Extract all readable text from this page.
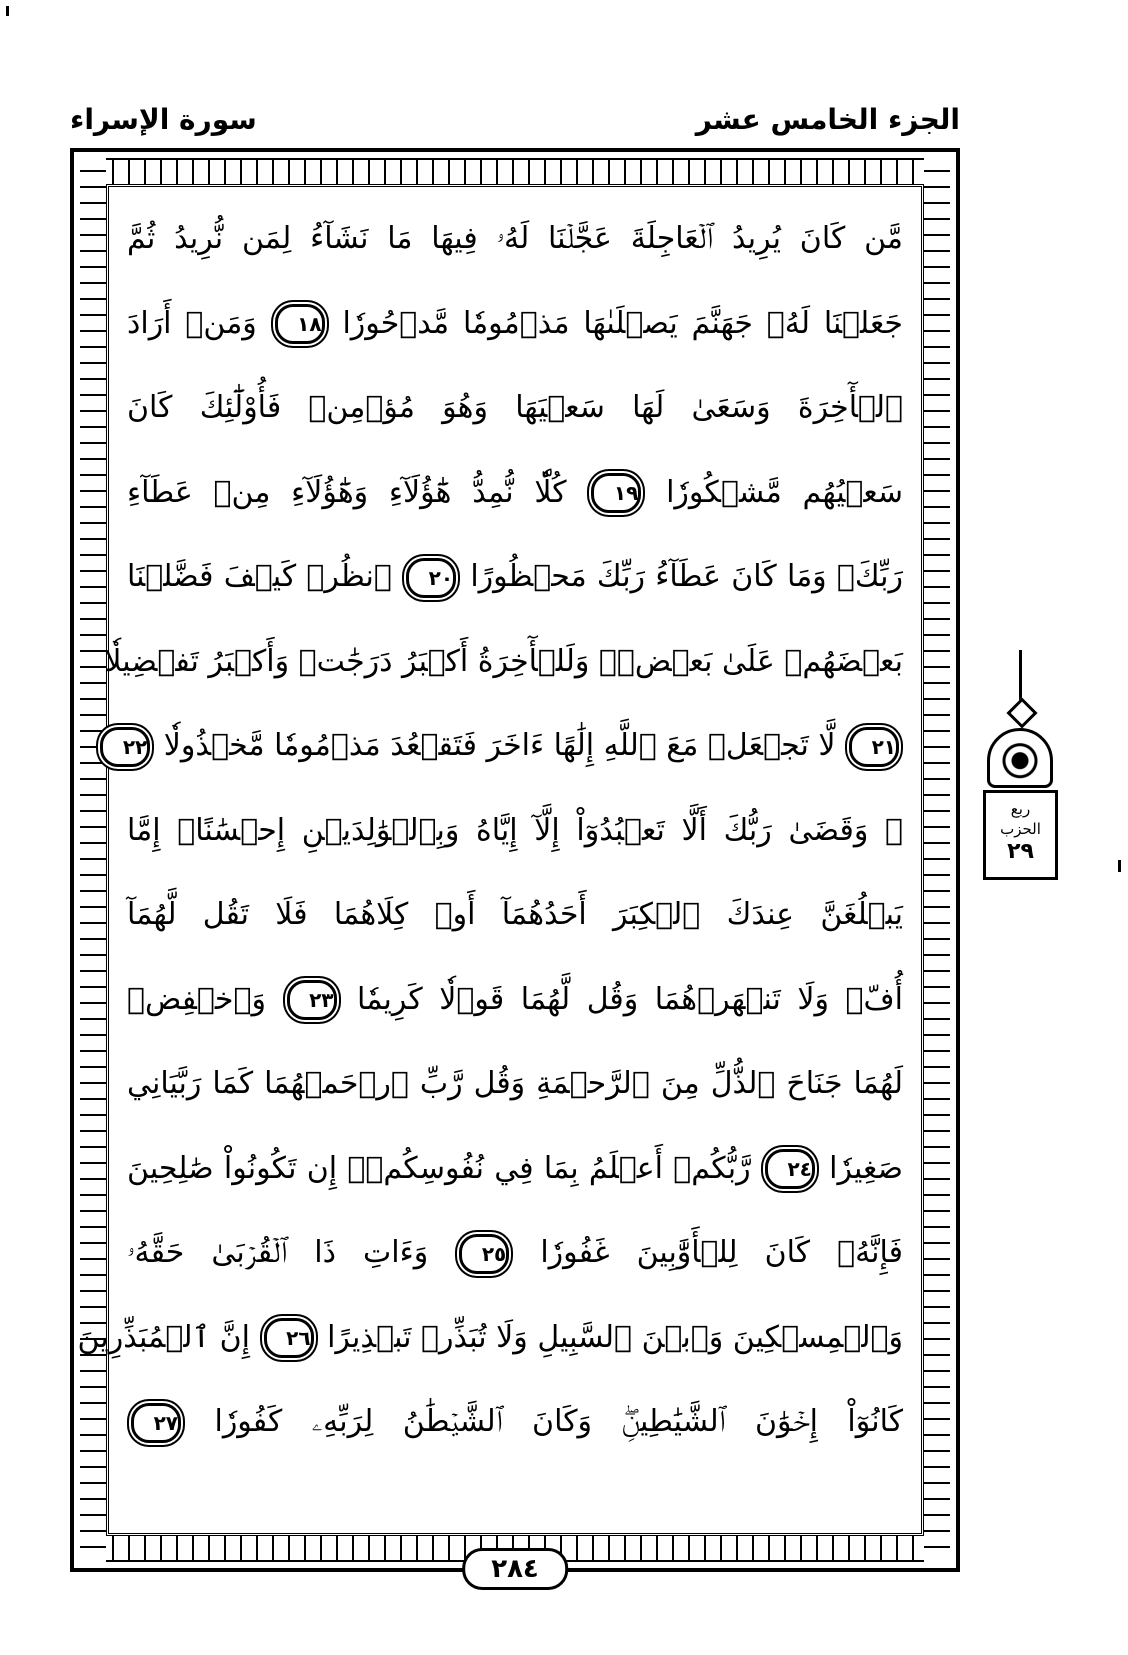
الجزء الخامس عشر
سورة الإسراء
مَّن كَانَ يُرِيدُ ٱلۡعَاجِلَةَ عَجَّلۡنَا لَهُۥ فِيهَا مَا نَشَآءُ لِمَن نُّرِيدُ ثُمَّ
جَعَلۡنَا لَهُۥ جَهَنَّمَ يَصۡلَىٰهَا مَذۡمُومٗا مَّدۡحُورٗا ١٨ وَمَنۡ أَرَادَ
ٱلۡأٓخِرَةَ وَسَعَىٰ لَهَا سَعۡيَهَا وَهُوَ مُؤۡمِنٞ فَأُوْلَٰٓئِكَ كَانَ
سَعۡيُهُم مَّشۡكُورٗا ١٩ كُلّٗا نُّمِدُّ هَٰٓؤُلَآءِ وَهَٰٓؤُلَآءِ مِنۡ عَطَآءِ
رَبِّكَۚ وَمَا كَانَ عَطَآءُ رَبِّكَ مَحۡظُورًا ٢٠ ٱنظُرۡ كَيۡفَ فَضَّلۡنَا
بَعۡضَهُمۡ عَلَىٰ بَعۡضٖۚ وَلَلۡأٓخِرَةُ أَكۡبَرُ دَرَجَٰتٖ وَأَكۡبَرُ تَفۡضِيلٗا
٢١ لَّا تَجۡعَلۡ مَعَ ٱللَّهِ إِلَٰهًا ءَاخَرَ فَتَقۡعُدَ مَذۡمُومٗا مَّخۡذُولٗا ٢٢
۞ وَقَضَىٰ رَبُّكَ أَلَّا تَعۡبُدُوٓاْ إِلَّآ إِيَّاهُ وَبِٱلۡوَٰلِدَيۡنِ إِحۡسَٰنًاۚ إِمَّا
يَبۡلُغَنَّ عِندَكَ ٱلۡكِبَرَ أَحَدُهُمَآ أَوۡ كِلَاهُمَا فَلَا تَقُل لَّهُمَآ
أُفّٖ وَلَا تَنۡهَرۡهُمَا وَقُل لَّهُمَا قَوۡلٗا كَرِيمٗا ٢٣ وَٱخۡفِضۡ
لَهُمَا جَنَاحَ ٱلذُّلِّ مِنَ ٱلرَّحۡمَةِ وَقُل رَّبِّ ٱرۡحَمۡهُمَا كَمَا رَبَّيَانِي
صَغِيرٗا ٢٤ رَّبُّكُمۡ أَعۡلَمُ بِمَا فِي نُفُوسِكُمۡۚ إِن تَكُونُواْ صَٰلِحِينَ
فَإِنَّهُۥ كَانَ لِلۡأَوَّٰبِينَ غَفُورٗا ٢٥ وَءَاتِ ذَا ٱلۡقُرۡبَىٰ حَقَّهُۥ
وَٱلۡمِسۡكِينَ وَٱبۡنَ ٱلسَّبِيلِ وَلَا تُبَذِّرۡ تَبۡذِيرًا ٢٦ إِنَّ ٱلۡمُبَذِّرِينَ
كَانُوٓاْ إِخۡوَٰنَ ٱلشَّيَٰطِينِۖ وَكَانَ ٱلشَّيۡطَٰنُ لِرَبِّهِۦ كَفُورٗا ٢٧
٢٨٤
ربع
الحزب
٢٩
